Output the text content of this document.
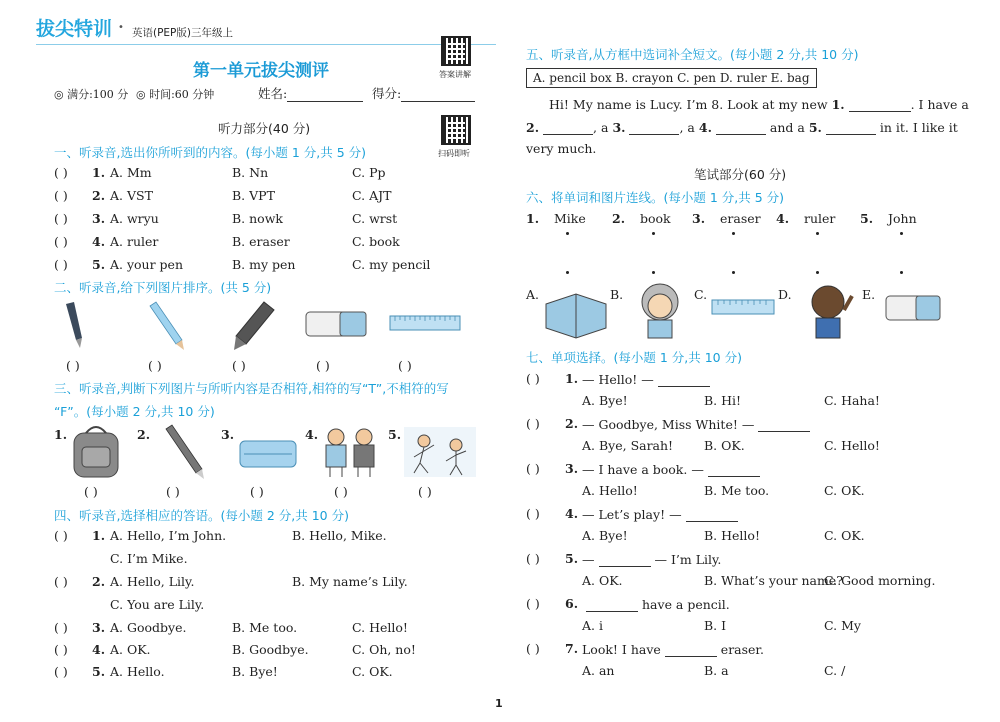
拔尖特训 • 英语(PEP版)三年级上
答案讲解
扫码即听
第一单元拔尖测评
◎ 满分:100 分 ◎ 时间:60 分钟	姓名:	得分:
听力部分(40 分)
一、听录音,选出你所听到的内容。(每小题 1 分,共 5 分)
( ) 1. A. Mm	B. Nn	C. Pp
( ) 2. A. VST	B. VPT	C. AJT
( ) 3. A. wryu	B. nowk	C. wrst
( ) 4. A. ruler	B. eraser	C. book
( ) 5. A. your pen	B. my pen	C. my pencil
二、听录音,给下列图片排序。(共 5 分)
( )	( )	( )	( )	( )
三、听录音,判断下列图片与所听内容是否相符,相符的写“T”,不相符的写
“F”。(每小题 2 分,共 10 分)
1.	2.	3.	4.	5.
( )	( )	( )	( )	( )
四、听录音,选择相应的答语。(每小题 2 分,共 10 分)
( ) 1. A. Hello, I’m John.	B. Hello, Mike.
C. I’m Mike.
( ) 2. A. Hello, Lily.	B. My name’s Lily.
C. You are Lily.
( ) 3. A. Goodbye.	B. Me too.	C. Hello!
( ) 4. A. OK.	B. Goodbye.	C. Oh, no!
( ) 5. A. Hello.	B. Bye!	C. OK.
五、听录音,从方框中选词补全短文。(每小题 2 分,共 10 分)
A. pencil box B. crayon C. pen D. ruler E. bag
Hi! My name is Lucy. I’m 8. Look at my new 1.	. I have a
2.	, a 3.	, a 4.	and a 5.	in it. I like it
very much.
笔试部分(60 分)
六、将单词和图片连线。(每小题 1 分,共 5 分)
1. Mike 2. book 3. eraser 4. ruler 5. John
A.	B.	C.	D.	E.
七、单项选择。(每小题 1 分,共 10 分)
( ) 1. — Hello! —
A. Bye!	B. Hi!	C. Haha!
( ) 2. — Goodbye, Miss White! —
A. Bye, Sarah! B. OK.	C. Hello!
( ) 3. — I have a book. —
A. Hello!	B. Me too.	C. OK.
( ) 4. — Let’s play! —
A. Bye!	B. Hello!	C. OK.
( ) 5. —	— I’m Lily.
A. OK.	B. What’s your name?
C. Good morning.
( ) 6.	have a pencil.
A. i	B. I	C. My
( ) 7. Look! I have	eraser.
A. an	B. a	C. /
1
